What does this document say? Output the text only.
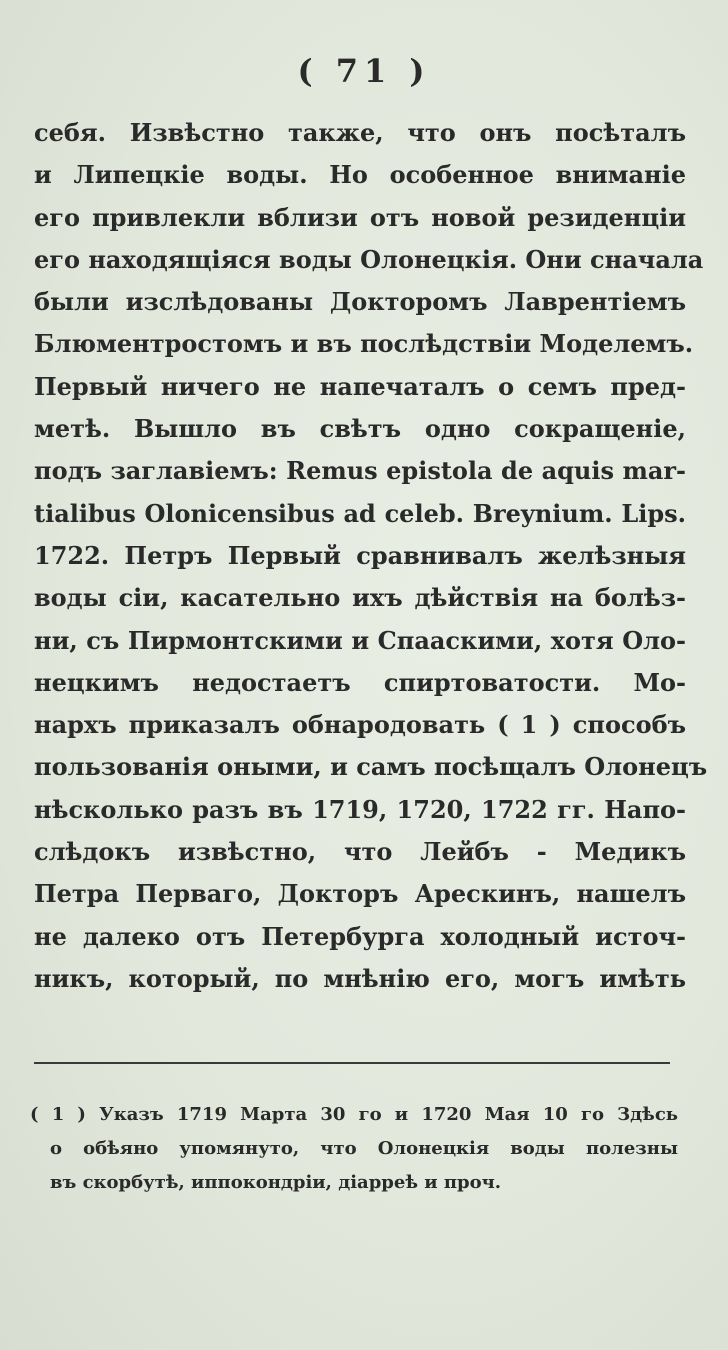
( 71 )
себя. Извѣстно также, что онъ посѣталъ
и Липецкіе воды. Но особенное вниманіе
его привлекли вблизи отъ новой резиденціи
его находящіяся воды Олонецкія. Они сначала
были изслѣдованы Докторомъ Лаврентіемъ
Блюментростомъ и въ послѣдствіи Моделемъ.
Первый ничего не напечаталъ о семъ пред-
метѣ. Вышло въ свѣтъ одно сокращеніе,
подъ заглавіемъ: Remus epistola de aquis mar-
tialibus Olonicensibus ad celeb. Breynium. Lips.
1722. Петръ Первый сравнивалъ желѣзныя
воды сіи, касательно ихъ дѣйствія на болѣз-
ни, съ Пирмонтскими и Спааскими, хотя Оло-
нецкимъ недостаетъ спиртоватости. Мо-
нархъ приказалъ обнародовать ( 1 ) способъ
пользованія оными, и самъ посѣщалъ Олонецъ
нѣсколько разъ въ 1719, 1720, 1722 гг. Напо-
слѣдокъ извѣстно, что Лейбъ - Медикъ
Петра Перваго, Докторъ Арескинъ, нашелъ
не далеко отъ Петербурга холодный источ-
никъ, который, по мнѣнію его, могъ имѣть
( 1 ) Указъ 1719 Марта 30 го и 1720 Мая 10 го Здѣсь
о обѣяно упомянуто, что Олонецкія воды полезны
въ скорбутѣ, иппокондріи, діарреѣ и проч.
